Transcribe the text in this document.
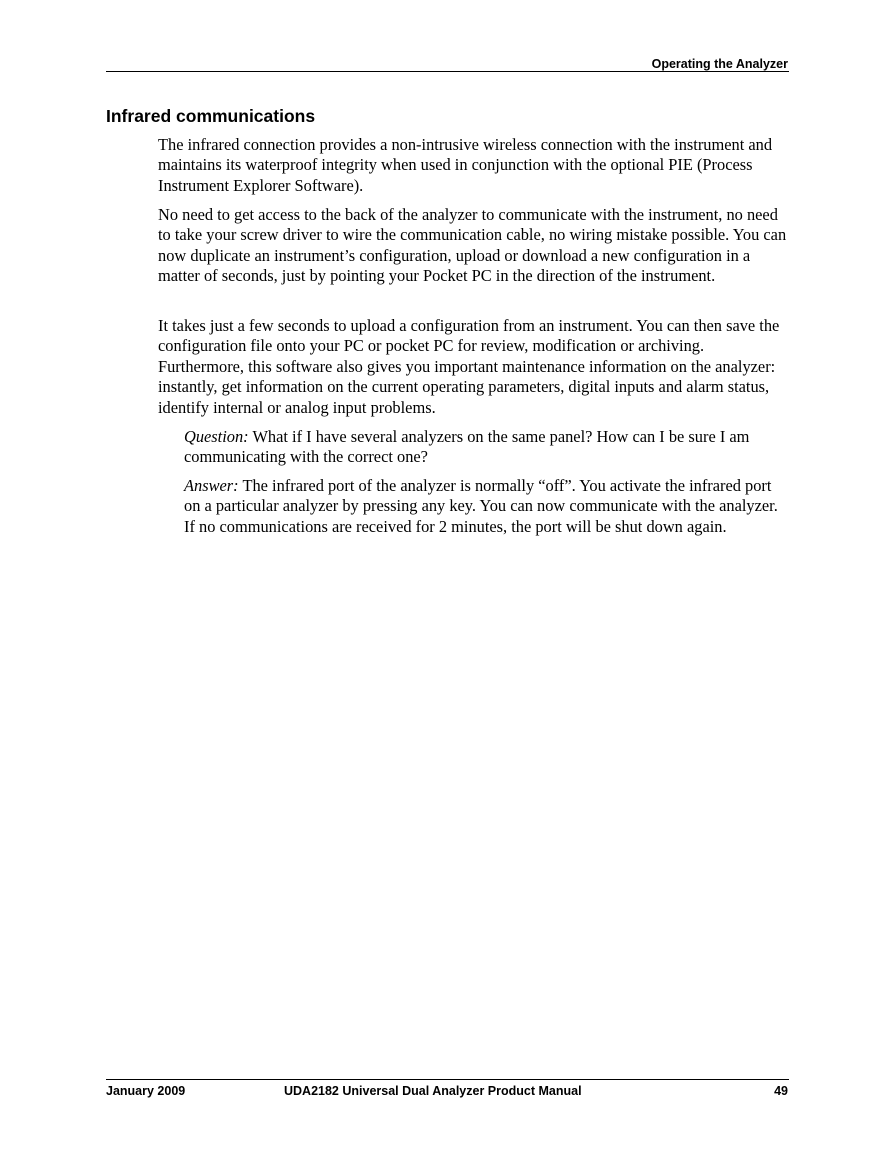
Operating the Analyzer
Infrared communications

The infrared connection provides a non-intrusive wireless connection with the instrument and maintains its waterproof integrity when used in conjunction with the optional PIE (Process Instrument Explorer Software).

No need to get access to the back of the analyzer to communicate with the instrument, no need to take your screw driver to wire the communication cable, no wiring mistake possible. You can now duplicate an instrument’s configuration, upload or download a new configuration in a matter of seconds, just by pointing your Pocket PC in the direction of the instrument.

It takes just a few seconds to upload a configuration from an instrument. You can then save the configuration file onto your PC or pocket PC for review, modification or archiving. Furthermore, this software also gives you important maintenance information on the analyzer: instantly, get information on the current operating parameters, digital inputs and alarm status, identify internal or analog input problems.

Question: What if I have several analyzers on the same panel? How can I be sure I am communicating with the correct one?

Answer: The infrared port of the analyzer is normally “off”. You activate the infrared port on a particular analyzer by pressing any key. You can now communicate with the analyzer. If no communications are received for 2 minutes, the port will be shut down again.

January 2009	UDA2182 Universal Dual Analyzer Product Manual	49
